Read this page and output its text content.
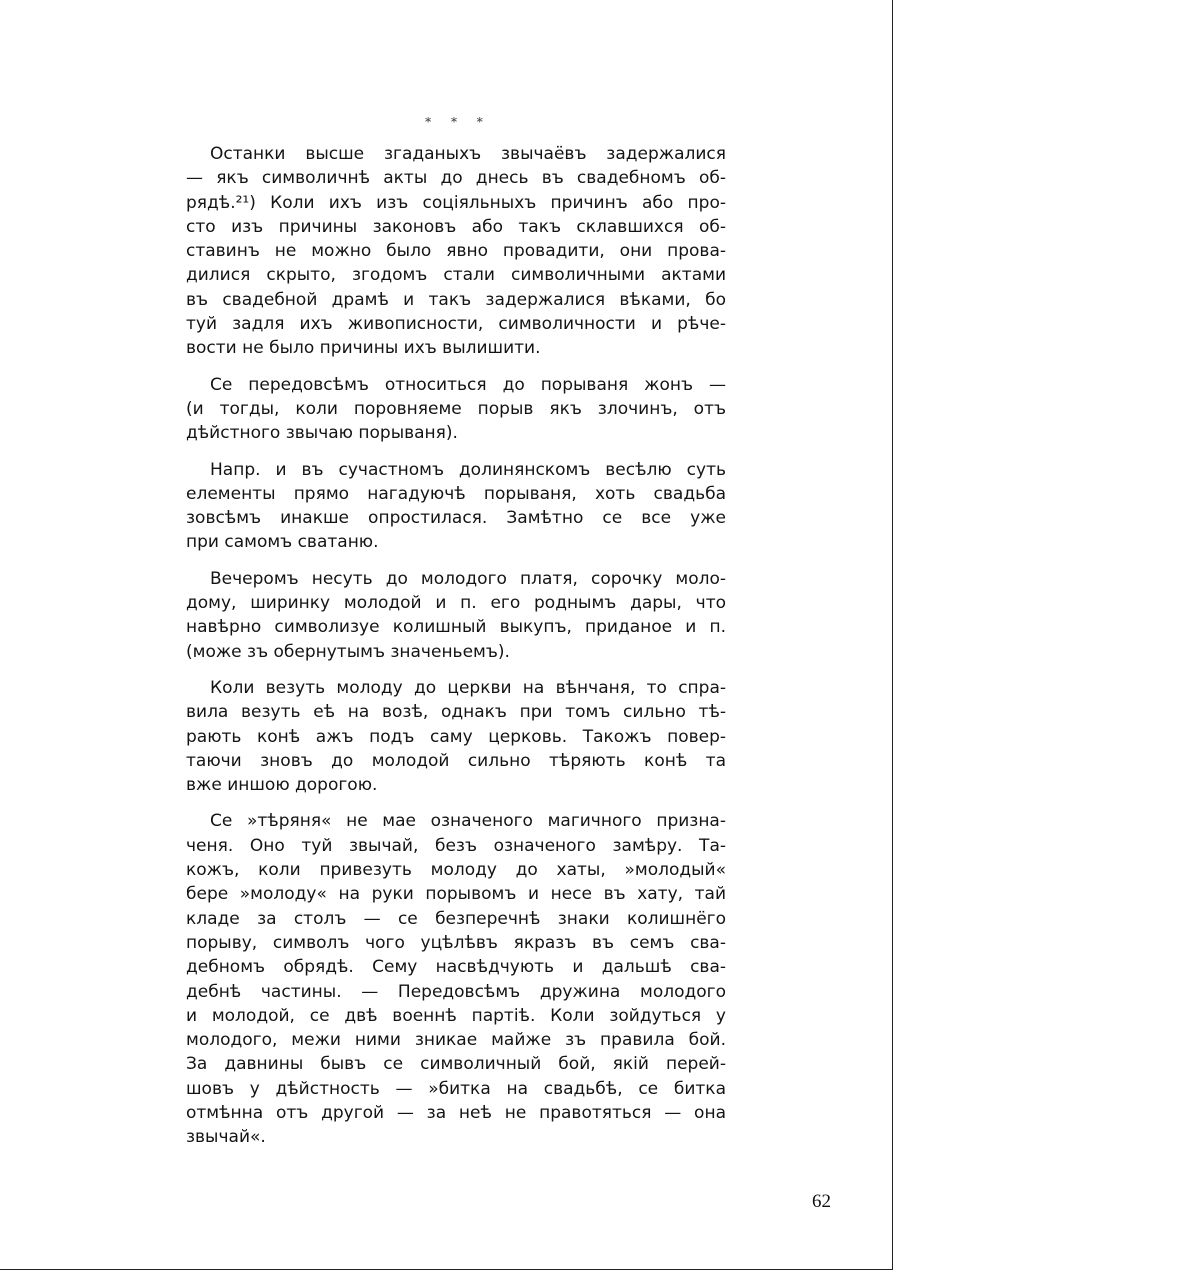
* * *
Останки высше згаданыхъ звычаёвъ задержалися
— якъ символичнѣ акты до днесь въ свадебномъ об-
рядѣ.²¹) Коли ихъ изъ соціяльныхъ причинъ або про-
сто изъ причины законовъ або такъ склавшихся об-
ставинъ не можно было явно провадити, они прова-
дилися скрыто, згодомъ стали символичными актами
въ свадебной драмѣ и такъ задержалися вѣками, бо
туй задля ихъ живописности, символичности и рѣче-
вости не было причины ихъ вылишити.
Се передовсѣмъ относиться до порываня жонъ —
(и тогды, коли поровняеме порыв якъ злочинъ, отъ
дѣйстного звычаю порываня).
Напр. и въ сучастномъ долинянскомъ весѣлю суть
елементы прямо нагадуючѣ порываня, хоть свадьба
зовсѣмъ инакше опростилася. Замѣтно се все уже
при самомъ сватаню.
Вечеромъ несуть до молодого платя, сорочку моло-
дому, ширинку молодой и п. его роднымъ дары, что
навѣрно символизуе колишный выкупъ, приданое и п.
(може зъ обернутымъ значеньемъ).
Коли везуть молоду до церкви на вѣнчаня, то спра-
вила везуть еѣ на возѣ, однакъ при томъ сильно тѣ-
рають конѣ ажъ подъ саму церковь. Такожъ повер-
таючи зновъ до молодой сильно тѣряють конѣ та
вже иншою дорогою.
Се »тѣряня« не мае означеного магичного призна-
ченя. Оно туй звычай, безъ означеного замѣру. Та-
кожъ, коли привезуть молоду до хаты, »молодый«
бере »молоду« на руки порывомъ и несе въ хату, тай
кладе за столъ — се безперечнѣ знаки колишнёго
порыву, символъ чого уцѣлѣвъ якразъ въ семъ сва-
дебномъ обрядѣ. Сему насвѣдчують и дальшѣ сва-
дебнѣ частины. — Передовсѣмъ дружина молодого
и молодой, се двѣ военнѣ партіѣ. Коли зойдуться у
молодого, межи ними зникае майже зъ правила бой.
За давнины бывъ се символичный бой, якій перей-
шовъ у дѣйстность — »битка на свадьбѣ, се битка
отмѣнна отъ другой — за неѣ не правотяться — она
звычай«.
62
